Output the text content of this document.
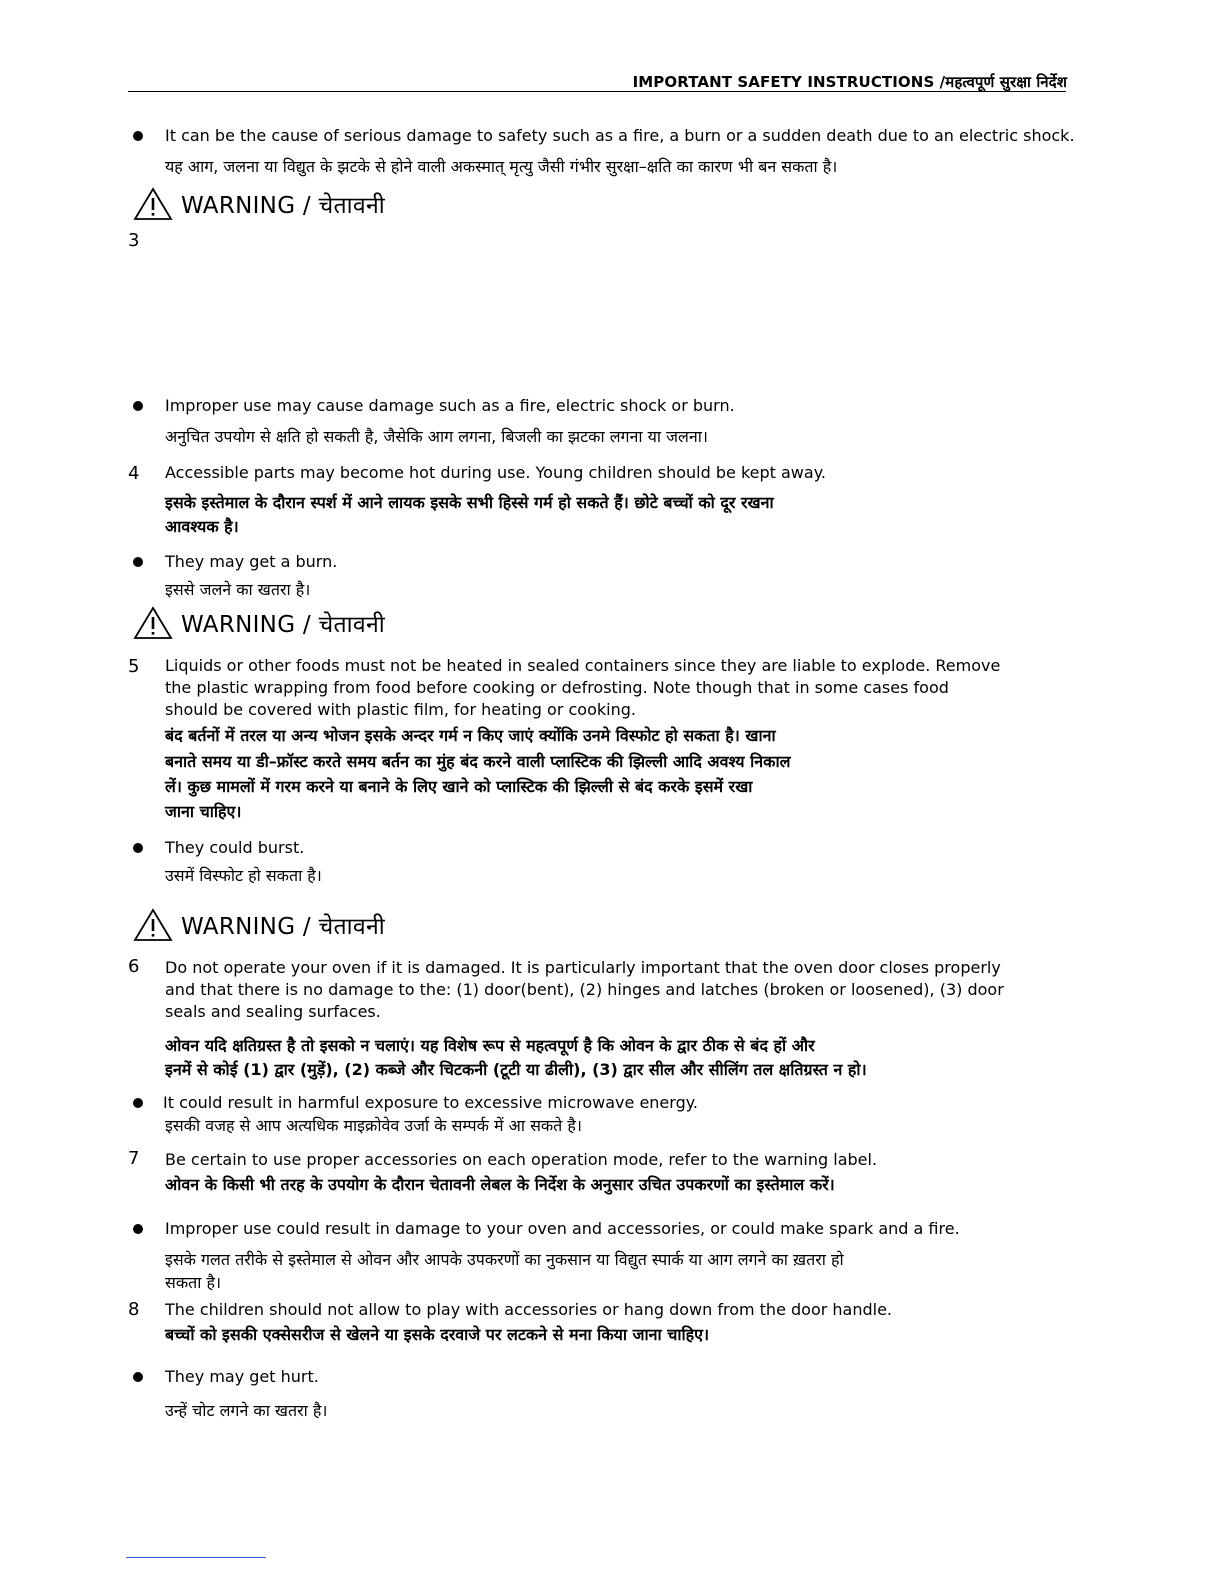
IMPORTANT SAFETY INSTRUCTIONS /महत्वपूर्ण सुरक्षा निर्देश
It can be the cause of serious damage to safety such as a fire, a burn or a sudden death due to an electric shock.
यह आग, जलना या विद्युत के झटके से होने वाली अकस्मात् मृत्यु जैसी गंभीर सुरक्षा–क्षति का कारण भी बन सकता है।
WARNING / चेतावनी
3
Improper use may cause damage such as a fire, electric shock or burn.
अनुचित उपयोग से क्षति हो सकती है, जैसेकि आग लगना, बिजली का झटका लगना या जलना।
4 Accessible parts may become hot during use. Young children should be kept away.
इसके इस्तेमाल के दौरान स्पर्श में आने लायक इसके सभी हिस्से गर्म हो सकते हैं। छोटे बच्चों को दूर रखना
आवश्यक है।
They may get a burn.
इससे जलने का खतरा है।
WARNING / चेतावनी
5 Liquids or other foods must not be heated in sealed containers since they are liable to explode. Remove
the plastic wrapping from food before cooking or defrosting. Note though that in some cases food
should be covered with plastic film, for heating or cooking.
बंद बर्तनों में तरल या अन्य भोजन इसके अन्दर गर्म न किए जाएं क्योंकि उनमे विस्फोट हो सकता है। खाना
बनाते समय या डी–फ्रॉस्ट करते समय बर्तन का मुंह बंद करने वाली प्लास्टिक की झिल्ली आदि अवश्य निकाल
लें। कुछ मामलों में गरम करने या बनाने के लिए खाने को प्लास्टिक की झिल्ली से बंद करके इसमें रखा
जाना चाहिए।
They could burst.
उसमें विस्फोट हो सकता है।
WARNING / चेतावनी
6 Do not operate your oven if it is damaged. It is particularly important that the oven door closes properly
and that there is no damage to the: (1) door(bent), (2) hinges and latches (broken or loosened), (3) door
seals and sealing surfaces.
ओवन यदि क्षतिग्रस्त है तो इसको न चलाएं। यह विशेष रूप से महत्वपूर्ण है कि ओवन के द्वार ठीक से बंद हों और
इनमें से कोई (1) द्वार (मुड़ें), (2) कब्जे और चिटकनी (टूटी या ढीली), (3) द्वार सील और सीलिंग तल क्षतिग्रस्त न हो।
It could result in harmful exposure to excessive microwave energy.
इसकी वजह से आप अत्यधिक माइक्रोवेव उर्जा के सम्पर्क में आ सकते है।
7 Be certain to use proper accessories on each operation mode, refer to the warning label.
ओवन के किसी भी तरह के उपयोग के दौरान चेतावनी लेबल के निर्देश के अनुसार उचित उपकरणों का इस्तेमाल करें।
Improper use could result in damage to your oven and accessories, or could make spark and a fire.
इसके गलत तरीके से इस्तेमाल से ओवन और आपके उपकरणों का नुकसान या विद्युत स्पार्क या आग लगने का ख़तरा हो
सकता है।
8 The children should not allow to play with accessories or hang down from the door handle.
बच्चों को इसकी एक्सेसरीज से खेलने या इसके दरवाजे पर लटकने से मना किया जाना चाहिए।
They may get hurt.
उन्हें चोट लगने का खतरा है।
